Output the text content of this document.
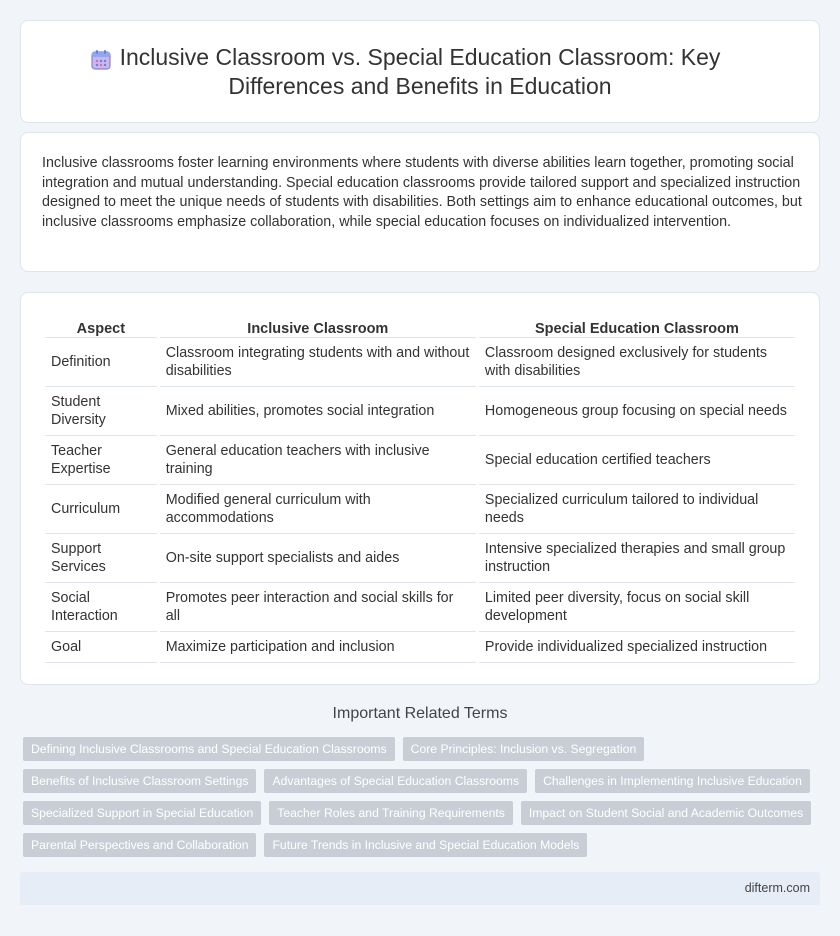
Inclusive Classroom vs. Special Education Classroom: Key Differences and Benefits in Education

Inclusive classrooms foster learning environments where students with diverse abilities learn together, promoting social integration and mutual understanding. Special education classrooms provide tailored support and specialized instruction designed to meet the unique needs of students with disabilities. Both settings aim to enhance educational outcomes, but inclusive classrooms emphasize collaboration, while special education focuses on individualized intervention.

Aspect	Inclusive Classroom	Special Education Classroom
Definition	Classroom integrating students with and without disabilities	Classroom designed exclusively for students with disabilities
Student Diversity	Mixed abilities, promotes social integration	Homogeneous group focusing on special needs
Teacher Expertise	General education teachers with inclusive training	Special education certified teachers
Curriculum	Modified general curriculum with accommodations	Specialized curriculum tailored to individual needs
Support Services	On-site support specialists and aides	Intensive specialized therapies and small group instruction
Social Interaction	Promotes peer interaction and social skills for all	Limited peer diversity, focus on social skill development
Goal	Maximize participation and inclusion	Provide individualized specialized instruction
Important Related Terms
Defining Inclusive Classrooms and Special Education Classrooms	Core Principles: Inclusion vs. Segregation
Benefits of Inclusive Classroom Settings	Advantages of Special Education Classrooms	Challenges in Implementing Inclusive Education
Specialized Support in Special Education	Teacher Roles and Training Requirements	Impact on Student Social and Academic Outcomes
Parental Perspectives and Collaboration	Future Trends in Inclusive and Special Education Models
difterm.com
